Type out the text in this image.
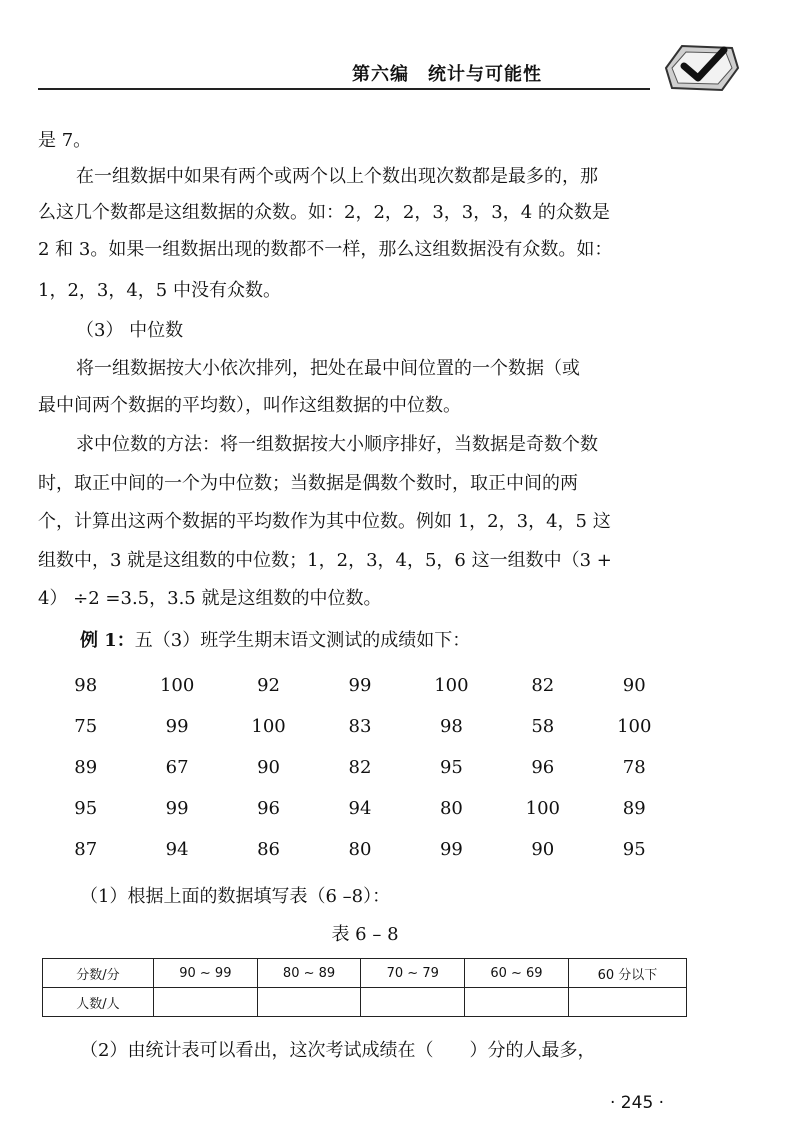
第六编　统计与可能性
是 7。
在一组数据中如果有两个或两个以上个数出现次数都是最多的，那
么这几个数都是这组数据的众数。如：2，2，2，3，3，3，4 的众数是
2 和 3。如果一组数据出现的数都不一样，那么这组数据没有众数。如：
1，2，3，4，5 中没有众数。
（3） 中位数
将一组数据按大小依次排列，把处在最中间位置的一个数据（或
最中间两个数据的平均数），叫作这组数据的中位数。
求中位数的方法：将一组数据按大小顺序排好，当数据是奇数个数
时，取正中间的一个为中位数；当数据是偶数个数时，取正中间的两
个，计算出这两个数据的平均数作为其中位数。例如 1，2，3，4，5 这
组数中，3 就是这组数的中位数；1，2，3，4，5，6 这一组数中（3 +
4） ÷2 =3.5，3.5 就是这组数的中位数。
例 1：五（3）班学生期末语文测试的成绩如下：
98	100	92	99	100	82	90
75	99	100	83	98	58	100
89	67	90	82	95	96	78
95	99	96	94	80	100	89
87	94	86	80	99	90	95
（1）根据上面的数据填写表（6 –8）：
表 6 – 8
分数/分	90 ~ 99	80 ~ 89	70 ~ 79	60 ~ 69	60 分以下
人数/人					
（2）由统计表可以看出，这次考试成绩在（　　）分的人最多，
· 245 ·
